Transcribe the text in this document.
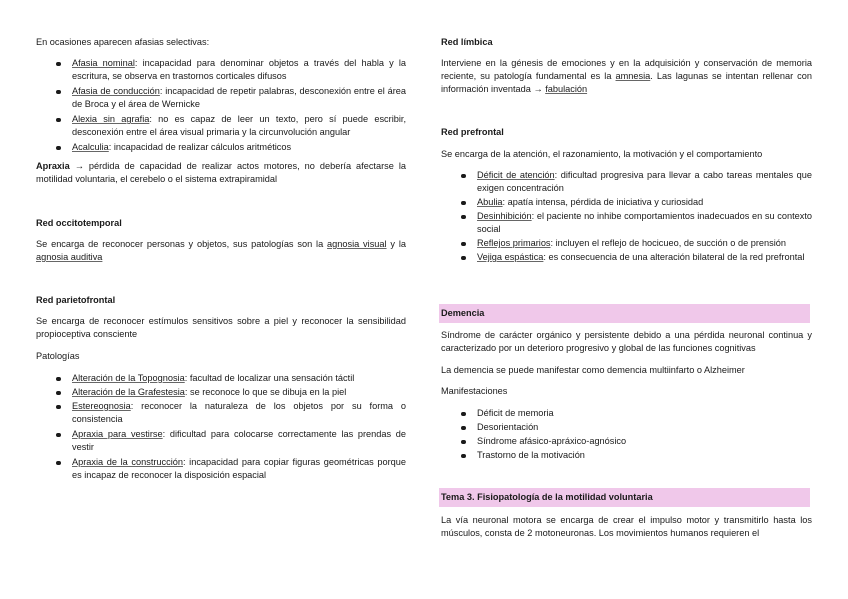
En ocasiones aparecen afasias selectivas:

Afasia nominal: incapacidad para denominar objetos a través del habla y la escritura, se observa en trastornos corticales difusos
Afasia de conducción: incapacidad de repetir palabras, desconexión entre el área de Broca y el área de Wernicke
Alexia sin agrafia: no es capaz de leer un texto, pero sí puede escribir, desconexión entre el área visual primaria y la circunvolución angular
Acalculia: incapacidad de realizar cálculos aritméticos

Apraxia → pérdida de capacidad de realizar actos motores, no debería afectarse la motilidad voluntaria, el cerebelo o el sistema extrapiramidal

Red occitotemporal

Se encarga de reconocer personas y objetos, sus patologías son la agnosia visual y la agnosia auditiva

Red parietofrontal

Se encarga de reconocer estímulos sensitivos sobre a piel y reconocer la sensibilidad propioceptiva consciente

Patologías

Alteración de la Topognosia: facultad de localizar una sensación táctil
Alteración de la Grafestesia: se reconoce lo que se dibuja en la piel
Estereognosia: reconocer la naturaleza de los objetos por su forma o consistencia
Apraxia para vestirse: dificultad para colocarse correctamente las prendas de vestir
Apraxia de la construcción: incapacidad para copiar figuras geométricas porque es incapaz de reconocer la disposición espacial

Red límbica

Interviene en la génesis de emociones y en la adquisición y conservación de memoria reciente, su patología fundamental es la amnesia. Las lagunas se intentan rellenar con información inventada → fabulación

Red prefrontal

Se encarga de la atención, el razonamiento, la motivación y el comportamiento

Déficit de atención: dificultad progresiva para llevar a cabo tareas mentales que exigen concentración
Abulia: apatía intensa, pérdida de iniciativa y curiosidad
Desinhibición: el paciente no inhibe comportamientos inadecuados en su contexto social
Reflejos primarios: incluyen el reflejo de hocicueo, de succión o de prensión
Vejiga espástica: es consecuencia de una alteración bilateral de la red prefrontal
Demencia

Síndrome de carácter orgánico y persistente debido a una pérdida neuronal continua y caracterizado por un deterioro progresivo y global de las funciones cognitivas

La demencia se puede manifestar como demencia multiinfarto o Alzheimer

Manifestaciones

Déficit de memoria
Desorientación
Síndrome afásico-apráxico-agnósico
Trastorno de la motivación
Tema 3. Fisiopatología de la motilidad voluntaria

La vía neuronal motora se encarga de crear el impulso motor y transmitirlo hasta los músculos, consta de 2 motoneuronas. Los movimientos humanos requieren el
